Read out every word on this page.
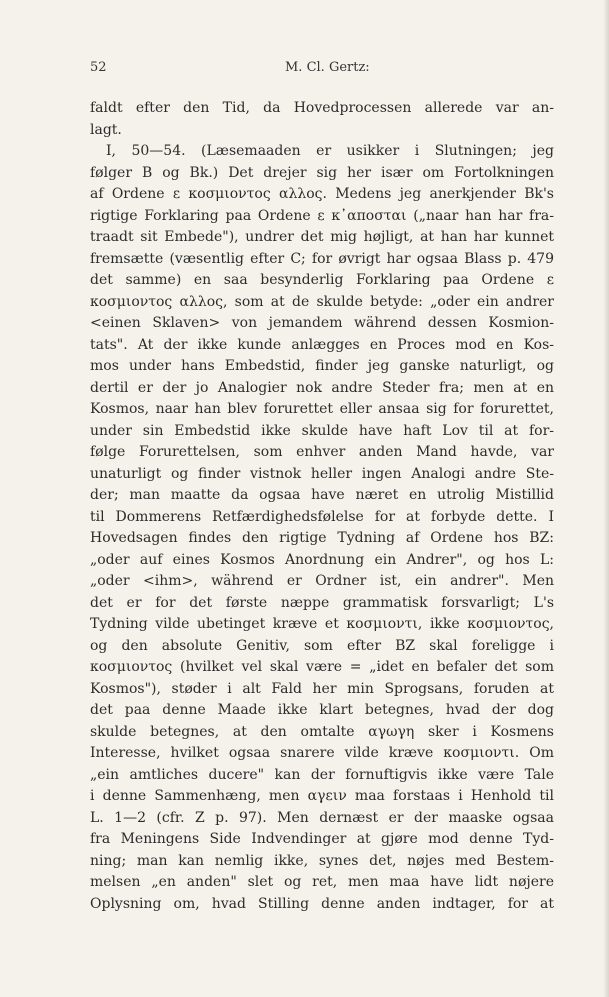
52	M. Cl. Gertz:
faldt efter den Tid, da Hovedprocessen allerede var an-
lagt.
I, 50—54. (Læsemaaden er usikker i Slutningen; jeg
følger B og Bk.) Det drejer sig her især om Fortolkningen
af Ordene ε κοσμιοντος αλλος. Medens jeg anerkjender Bk's
rigtige Forklaring paa Ordene ε κ᾽αποσται („naar han har fra-
traadt sit Embede"), undrer det mig højligt, at han har kunnet
fremsætte (væsentlig efter C; for øvrigt har ogsaa Blass p. 479
det samme) en saa besynderlig Forklaring paa Ordene ε
κοσμιοντος αλλος, som at de skulde betyde: „oder ein andrer
<einen Sklaven> von jemandem während dessen Kosmion-
tats". At der ikke kunde anlægges en Proces mod en Kos-
mos under hans Embedstid, finder jeg ganske naturligt, og
dertil er der jo Analogier nok andre Steder fra; men at en
Kosmos, naar han blev forurettet eller ansaa sig for forurettet,
under sin Embedstid ikke skulde have haft Lov til at for-
følge Forurettelsen, som enhver anden Mand havde, var
unaturligt og finder vistnok heller ingen Analogi andre Ste-
der; man maatte da ogsaa have næret en utrolig Mistillid
til Dommerens Retfærdighedsfølelse for at forbyde dette. I
Hovedsagen findes den rigtige Tydning af Ordene hos BZ:
„oder auf eines Kosmos Anordnung ein Andrer", og hos L:
„oder <ihm>, während er Ordner ist, ein andrer". Men
det er for det første næppe grammatisk forsvarligt; L's
Tydning vilde ubetinget kræve et κοσμιοντι, ikke κοσμιοντος,
og den absolute Genitiv, som efter BZ skal foreligge i
κοσμιοντος (hvilket vel skal være = „idet en befaler det som
Kosmos"), støder i alt Fald her min Sprogsans, foruden at
det paa denne Maade ikke klart betegnes, hvad der dog
skulde betegnes, at den omtalte αγωγη sker i Kosmens
Interesse, hvilket ogsaa snarere vilde kræve κοσμιοντι. Om
„ein amtliches ducere" kan der fornuftigvis ikke være Tale
i denne Sammenhæng, men αγειν maa forstaas i Henhold til
L. 1—2 (cfr. Z p. 97). Men dernæst er der maaske ogsaa
fra Meningens Side Indvendinger at gjøre mod denne Tyd-
ning; man kan nemlig ikke, synes det, nøjes med Bestem-
melsen „en anden" slet og ret, men maa have lidt nøjere
Oplysning om, hvad Stilling denne anden indtager, for at
